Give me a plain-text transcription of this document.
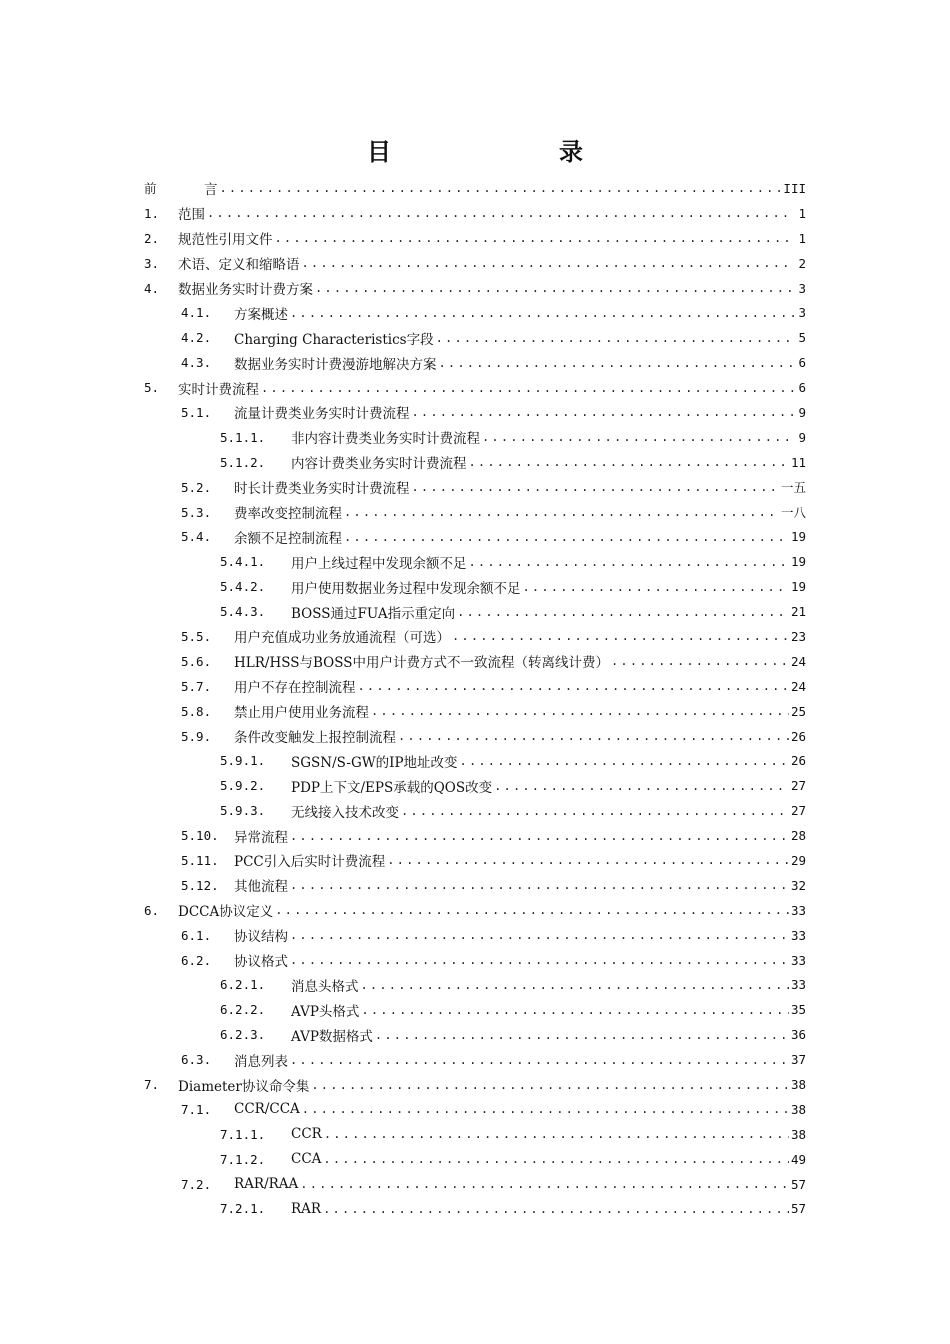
目　　录
前	言 .....	III
1.	范围 .....	1
2.	规范性引用文件 .....	1
3.	术语、定义和缩略语 .....	2
4.	数据业务实时计费方案 .....	3
4.1.	方案概述 .....	3
4.2.	Charging Characteristics字段 .....	5
4.3.	数据业务实时计费漫游地解决方案 .....	6
5.	实时计费流程 .....	6
5.1.	流量计费类业务实时计费流程 .....	9
5.1.1.	非内容计费类业务实时计费流程 .....	9
5.1.2.	内容计费类业务实时计费流程 .....	11
5.2.	时长计费类业务实时计费流程 .....	一五
5.3.	费率改变控制流程 .....	一八
5.4.	余额不足控制流程 .....	19
5.4.1.	用户上线过程中发现余额不足 .....	19
5.4.2.	用户使用数据业务过程中发现余额不足 .....	19
5.4.3.	BOSS通过FUA指示重定向 .....	21
5.5.	用户充值成功业务放通流程（可选） .....	23
5.6.	HLR/HSS与BOSS中用户计费方式不一致流程（转离线计费） .....	24
5.7.	用户不存在控制流程 .....	24
5.8.	禁止用户使用业务流程 .....	25
5.9.	条件改变触发上报控制流程 .....	26
5.9.1.	SGSN/S-GW的IP地址改变 .....	26
5.9.2.	PDP上下文/EPS承载的QOS改变 .....	27
5.9.3.	无线接入技术改变 .....	27
5.10.	异常流程 .....	28
5.11.	PCC引入后实时计费流程 .....	29
5.12.	其他流程 .....	32
6.	DCCA协议定义 .....	33
6.1.	协议结构 .....	33
6.2.	协议格式 .....	33
6.2.1.	消息头格式 .....	33
6.2.2.	AVP头格式 .....	35
6.2.3.	AVP数据格式 .....	36
6.3.	消息列表 .....	37
7.	Diameter协议命令集 .....	38
7.1.	CCR/CCA .....	38
7.1.1.	CCR .....	38
7.1.2.	CCA .....	49
7.2.	RAR/RAA .....	57
7.2.1.	RAR .....	57
